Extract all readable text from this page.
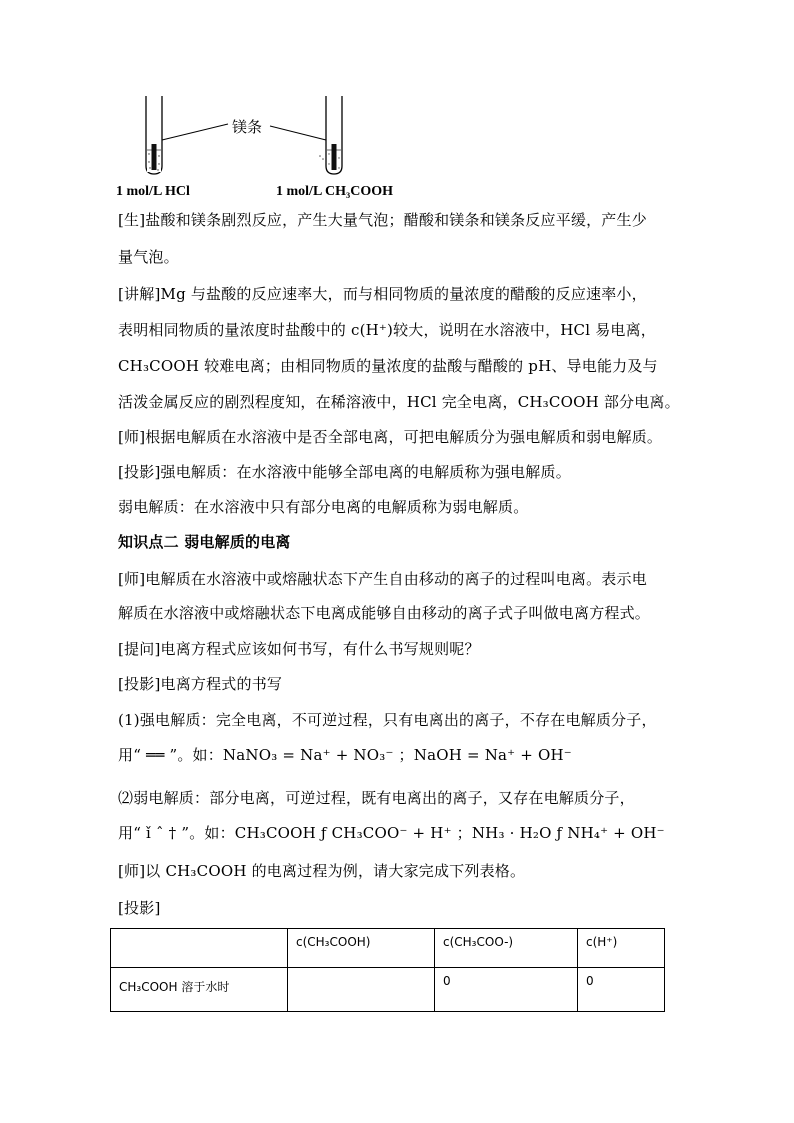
镁条
1 mol/L HCl	1 mol/L CH₃COOH
[生]盐酸和镁条剧烈反应，产生大量气泡；醋酸和镁条和镁条反应平缓，产生少
量气泡。
[讲解]Mg 与盐酸的反应速率大，而与相同物质的量浓度的醋酸的反应速率小，
表明相同物质的量浓度时盐酸中的 c(H⁺)较大，说明在水溶液中，HCl 易电离，
CH₃COOH 较难电离；由相同物质的量浓度的盐酸与醋酸的 pH、导电能力及与
活泼金属反应的剧烈程度知，在稀溶液中，HCl 完全电离，CH₃COOH 部分电离。
[师]根据电解质在水溶液中是否全部电离，可把电解质分为强电解质和弱电解质。
[投影]强电解质：在水溶液中能够全部电离的电解质称为强电解质。
弱电解质：在水溶液中只有部分电离的电解质称为弱电解质。
知识点二 弱电解质的电离
[师]电解质在水溶液中或熔融状态下产生自由移动的离子的过程叫电离。表示电
解质在水溶液中或熔融状态下电离成能够自由移动的离子式子叫做电离方程式。
[提问]电离方程式应该如何书写，有什么书写规则呢？
[投影]电离方程式的书写
(1)强电解质：完全电离，不可逆过程，只有电离出的离子，不存在电解质分子，
用“ ══ ”。如：NaNO₃ = Na⁺ + NO₃⁻ ；NaOH = Na⁺ + OH⁻
⑵弱电解质：部分电离，可逆过程，既有电离出的离子，又存在电解质分子，
用“ ǐ ˆ † ”。如：CH₃COOH ƒ CH₃COO⁻ + H⁺ ；NH₃ · H₂O ƒ NH₄⁺ + OH⁻
[师]以 CH₃COOH 的电离过程为例，请大家完成下列表格。
[投影]
	c(CH₃COOH)	c(CH₃COO-)	c(H⁺)
CH₃COOH 溶于水时		0	0
